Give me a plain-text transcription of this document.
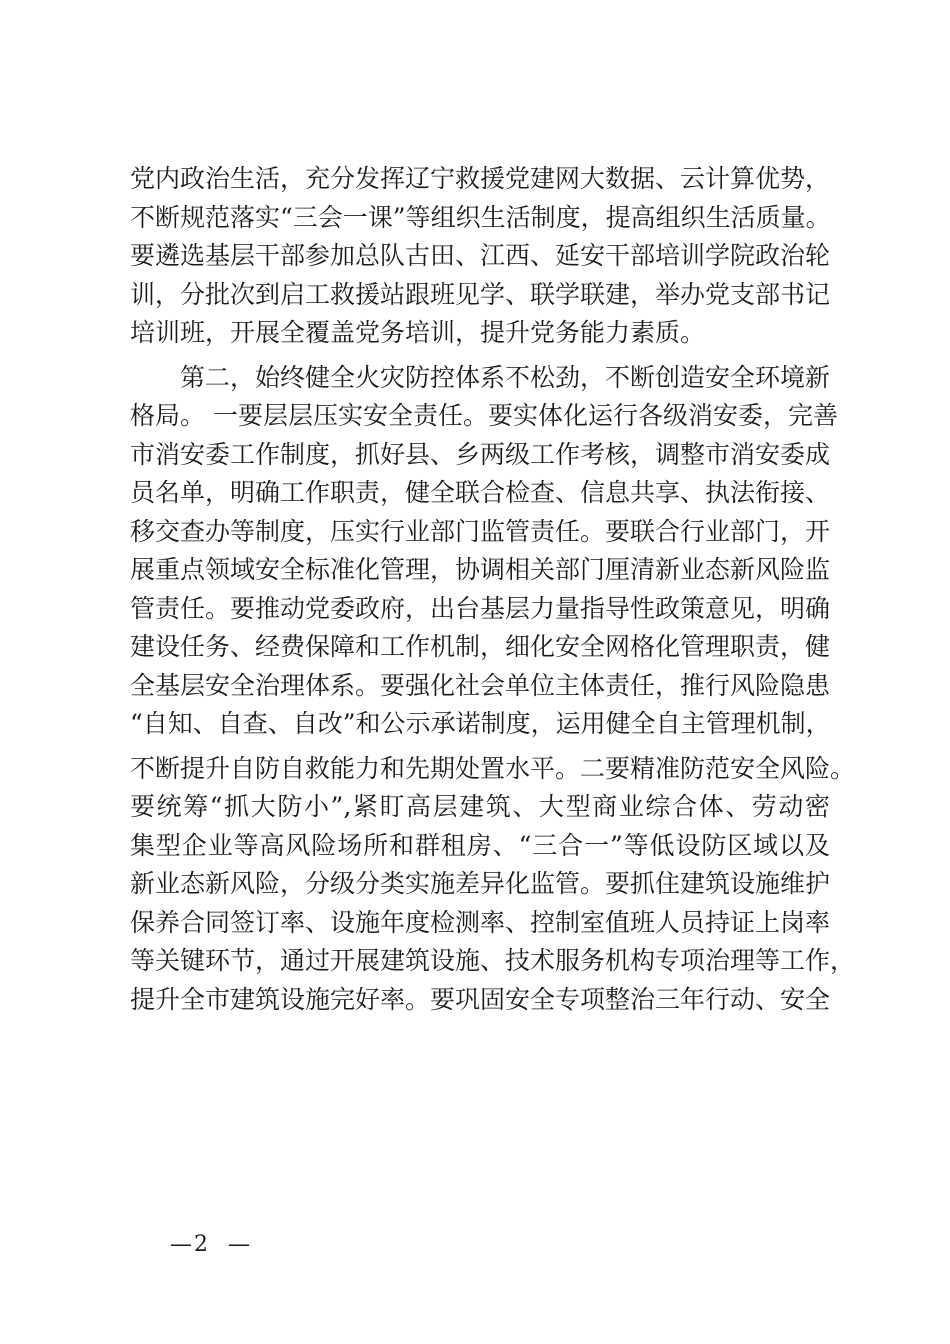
党内政治生活，充分发挥辽宁救援党建网大数据、云计算优势，
不断规范落实“三会一课”等组织生活制度，提高组织生活质量。
要遴选基层干部参加总队古田、江西、延安干部培训学院政治轮
训，分批次到启工救援站跟班见学、联学联建，举办党支部书记
培训班，开展全覆盖党务培训，提升党务能力素质。
第二，始终健全火灾防控体系不松劲，不断创造安全环境新
格局。 一要层层压实安全责任。要实体化运行各级消安委，完善
市消安委工作制度，抓好县、乡两级工作考核，调整市消安委成
员名单，明确工作职责，健全联合检查、信息共享、执法衔接、
移交查办等制度，压实行业部门监管责任。要联合行业部门，开
展重点领域安全标准化管理，协调相关部门厘清新业态新风险监
管责任。要推动党委政府，出台基层力量指导性政策意见，明确
建设任务、经费保障和工作机制，细化安全网格化管理职责，健
全基层安全治理体系。要强化社会单位主体责任，推行风险隐患
“自知、自查、自改”和公示承诺制度，运用健全自主管理机制，
不断提升自防自救能力和先期处置水平。二要精准防范安全风险。
要统筹“抓大防小”,紧盯高层建筑、大型商业综合体、劳动密
集型企业等高风险场所和群租房、“三合一”等低设防区域以及
新业态新风险，分级分类实施差异化监管。要抓住建筑设施维护
保养合同签订率、设施年度检测率、控制室值班人员持证上岗率
等关键环节，通过开展建筑设施、技术服务机构专项治理等工作，
提升全市建筑设施完好率。要巩固安全专项整治三年行动、安全
—2  —
